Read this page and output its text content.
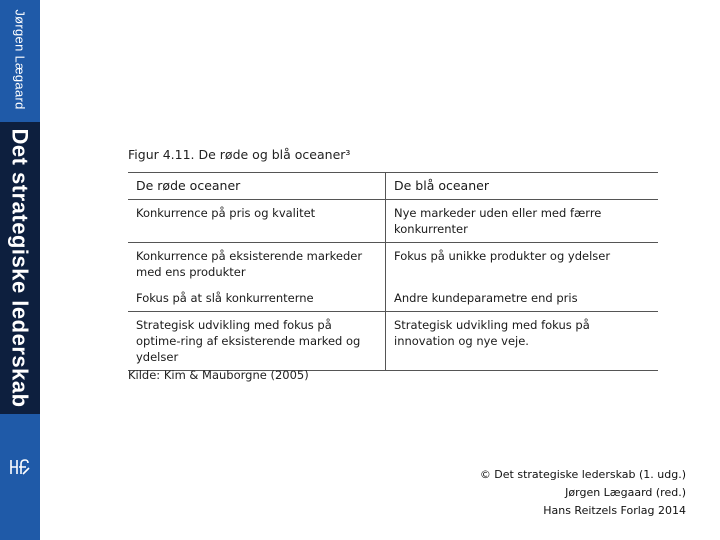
Jørgen Lægaard
Det strategiske lederskab	Figur 4.11. De røde og blå oceaner³
De røde oceaner	De blå oceaner
Konkurrence på pris og kvalitet	Nye markeder uden eller med færre konkurrenter
Konkurrence på eksisterende markeder med ens produkter	Fokus på unikke produkter og ydelser
Fokus på at slå konkurrenterne	Andre kundeparametre end pris
Strategisk udvikling med fokus på optime-ring af eksisterende marked og ydelser	Strategisk udvikling med fokus på innovation og nye veje.
Kilde: Kim & Mauborgne (2005)
© Det strategiske lederskab (1. udg.)
Jørgen Lægaard (red.)
Hans Reitzels Forlag 2014
